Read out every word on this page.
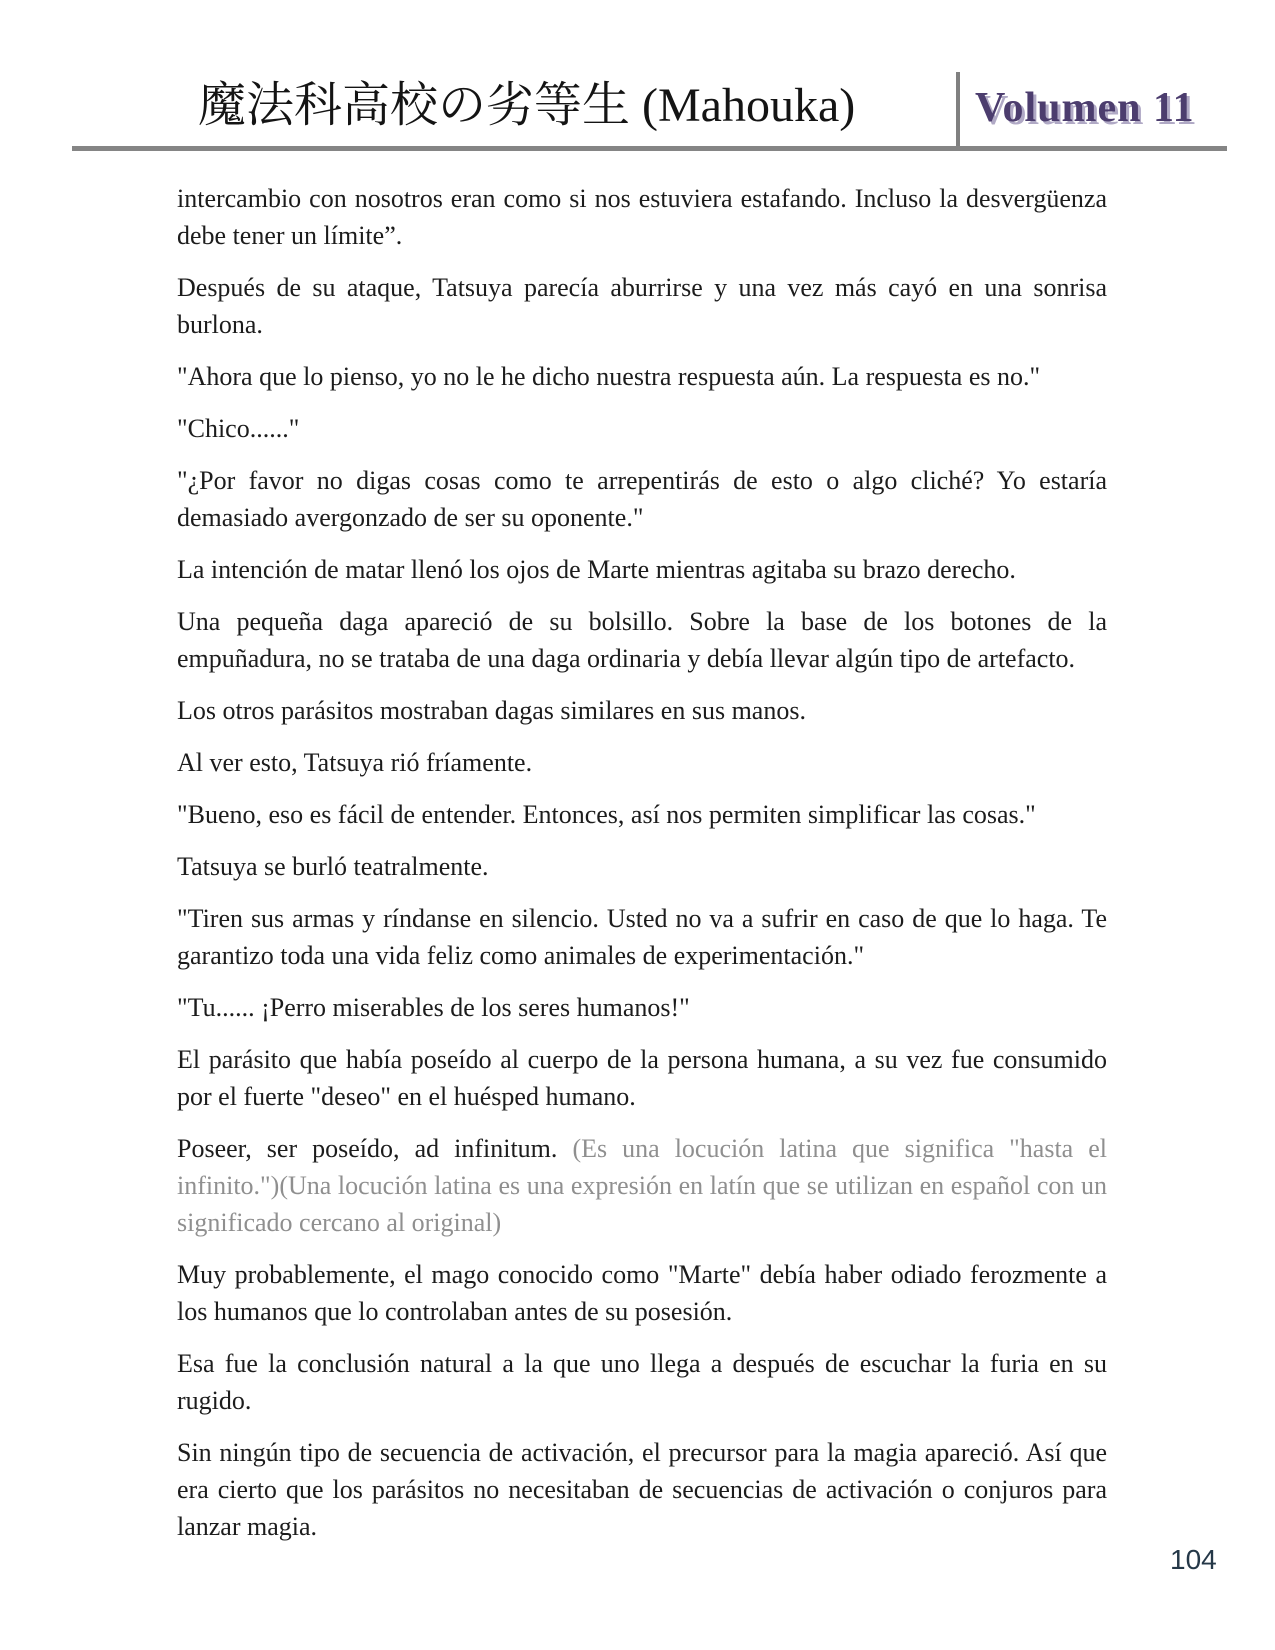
魔法科高校の劣等生 (Mahouka)	Volumen 11

intercambio con nosotros eran como si nos estuviera estafando. Incluso la desvergüenza debe tener un límite”.

Después de su ataque, Tatsuya parecía aburrirse y una vez más cayó en una sonrisa burlona.

"Ahora que lo pienso, yo no le he dicho nuestra respuesta aún. La respuesta es no."

"Chico......"

"¿Por favor no digas cosas como te arrepentirás de esto o algo cliché? Yo estaría demasiado avergonzado de ser su oponente."

La intención de matar llenó los ojos de Marte mientras agitaba su brazo derecho.

Una pequeña daga apareció de su bolsillo. Sobre la base de los botones de la empuñadura, no se trataba de una daga ordinaria y debía llevar algún tipo de artefacto.

Los otros parásitos mostraban dagas similares en sus manos.

Al ver esto, Tatsuya rió fríamente.

"Bueno, eso es fácil de entender. Entonces, así nos permiten simplificar las cosas."

Tatsuya se burló teatralmente.

"Tiren sus armas y ríndanse en silencio. Usted no va a sufrir en caso de que lo haga. Te garantizo toda una vida feliz como animales de experimentación."

"Tu...... ¡Perro miserables de los seres humanos!"

El parásito que había poseído al cuerpo de la persona humana, a su vez fue consumido por el fuerte "deseo" en el huésped humano.

Poseer, ser poseído, ad infinitum. (Es una locución latina que significa "hasta el infinito.")(Una locución latina es una expresión en latín que se utilizan en español con un significado cercano al original)

Muy probablemente, el mago conocido como "Marte" debía haber odiado ferozmente a los humanos que lo controlaban antes de su posesión.

Esa fue la conclusión natural a la que uno llega a después de escuchar la furia en su rugido.

Sin ningún tipo de secuencia de activación, el precursor para la magia apareció. Así que era cierto que los parásitos no necesitaban de secuencias de activación o conjuros para lanzar magia.

104
